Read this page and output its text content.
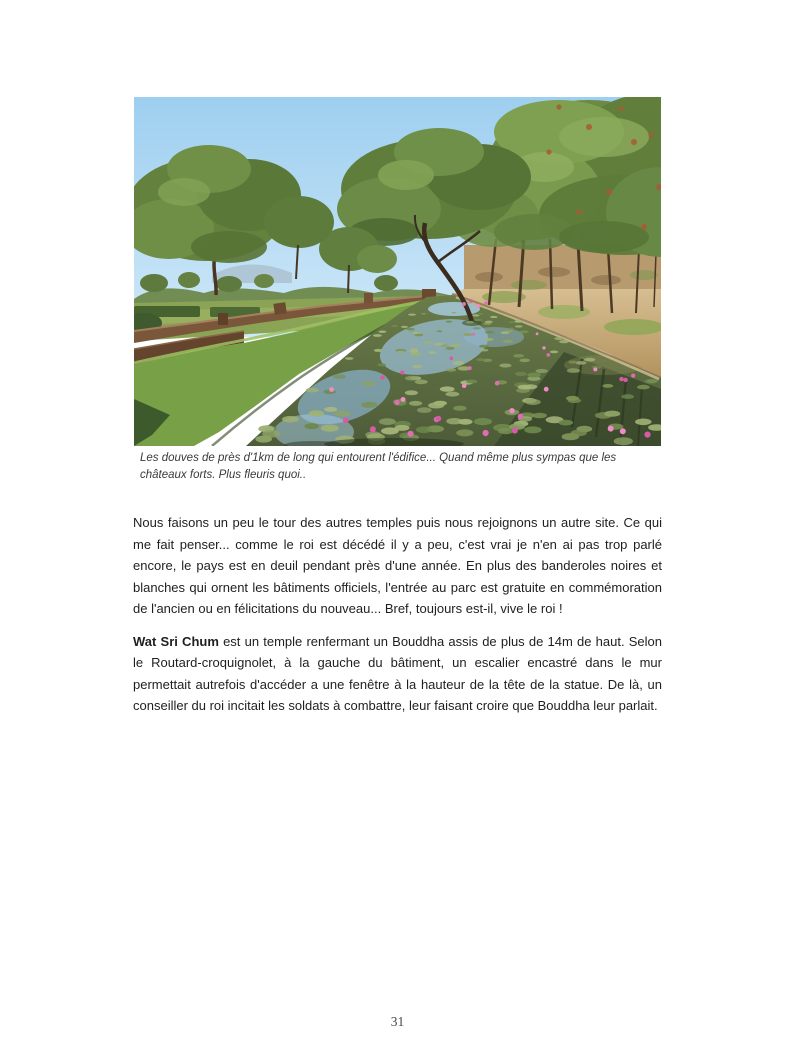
Les douves de près d'1km de long qui entourent l'édifice... Quand même plus sympas que les châteaux forts. Plus fleuris quoi..

Nous faisons un peu le tour des autres temples puis nous rejoignons un autre site. Ce qui me fait penser... comme le roi est décédé il y a peu, c'est vrai je n'en ai pas trop parlé encore, le pays est en deuil pendant près d'une année. En plus des banderoles noires et blanches qui ornent les bâtiments officiels, l'entrée au parc est gratuite en commémoration de l'ancien ou en félicitations du nouveau... Bref, toujours est-il, vive le roi !

Wat Sri Chum est un temple renfermant un Bouddha assis de plus de 14m de haut. Selon le Routard-croquignolet, à la gauche du bâtiment, un escalier encastré dans le mur permettait autrefois d'accéder a une fenêtre à la hauteur de la tête de la statue. De là, un conseiller du roi incitait les soldats à combattre, leur faisant croire que Bouddha leur parlait.

31
